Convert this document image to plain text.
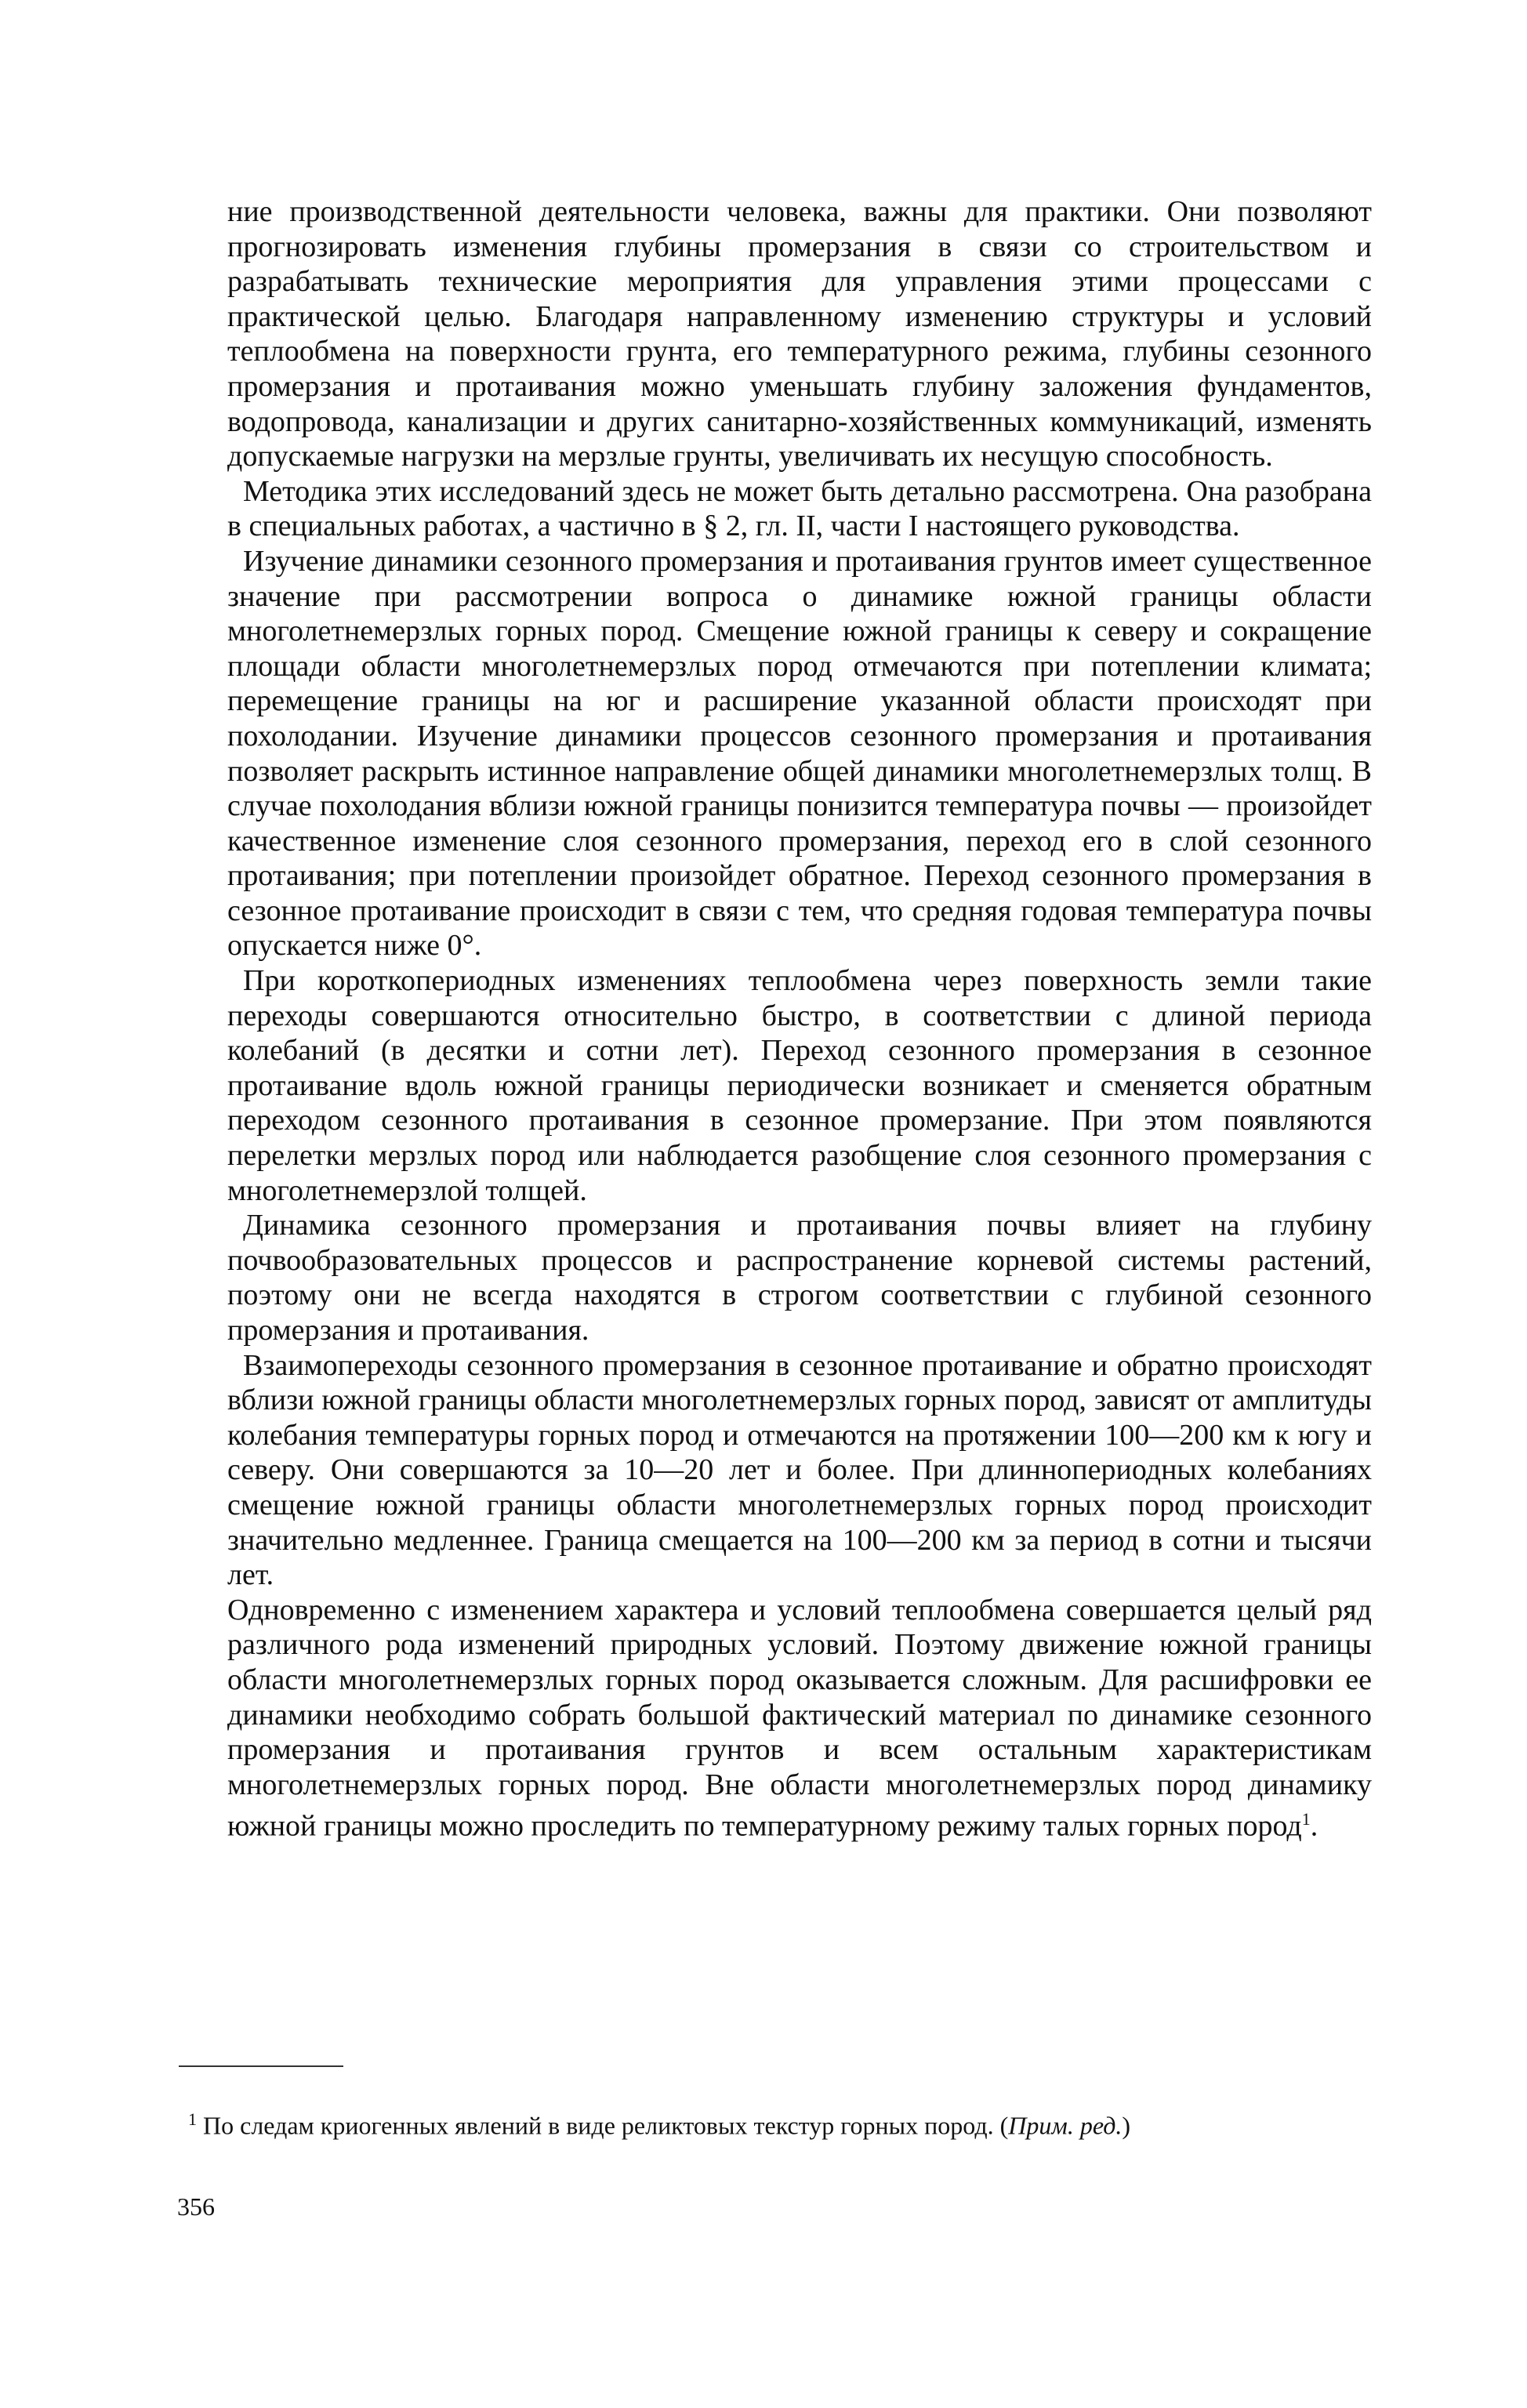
ние производственной деятельности человека, важны для практики. Они позволяют прогнозировать изменения глубины промерзания в связи со строительством и разрабатывать технические мероприятия для управления этими процессами с практической целью. Благодаря направленному изменению структуры и условий теплообмена на поверхности грунта, его температурного режима, глубины сезонного промерзания и протаивания можно уменьшать глубину заложения фундаментов, водопровода, канализации и других санитарно-хозяйственных коммуникаций, изменять допускаемые нагрузки на мерзлые грунты, увеличивать их несущую способность.

Методика этих исследований здесь не может быть детально рассмотрена. Она разобрана в специальных работах, а частично в § 2, гл. II, части I настоящего руководства.

Изучение динамики сезонного промерзания и протаивания грунтов имеет существенное значение при рассмотрении вопроса о динамике южной границы области многолетнемерзлых горных пород. Смещение южной границы к северу и сокращение площади области многолетнемерзлых пород отмечаются при потеплении климата; перемещение границы на юг и расширение указанной области происходят при похолодании. Изучение динамики процессов сезонного промерзания и протаивания позволяет раскрыть истинное направление общей динамики многолетнемерзлых толщ. В случае похолодания вблизи южной границы понизится температура почвы — произойдет качественное изменение слоя сезонного промерзания, переход его в слой сезонного протаивания; при потеплении произойдет обратное. Переход сезонного промерзания в сезонное протаивание происходит в связи с тем, что средняя годовая температура почвы опускается ниже 0°.

При короткопериодных изменениях теплообмена через поверхность земли такие переходы совершаются относительно быстро, в соответствии с длиной периода колебаний (в десятки и сотни лет). Переход сезонного промерзания в сезонное протаивание вдоль южной границы периодически возникает и сменяется обратным переходом сезонного протаивания в сезонное промерзание. При этом появляются перелетки мерзлых пород или наблюдается разобщение слоя сезонного промерзания с многолетнемерзлой толщей.

Динамика сезонного промерзания и протаивания почвы влияет на глубину почвообразовательных процессов и распространение корневой системы растений, поэтому они не всегда находятся в строгом соответствии с глубиной сезонного промерзания и протаивания.

Взаимопереходы сезонного промерзания в сезонное протаивание и обратно происходят вблизи южной границы области многолетнемерзлых горных пород, зависят от амплитуды колебания температуры горных пород и отмечаются на протяжении 100—200 км к югу и северу. Они совершаются за 10—20 лет и более. При длиннопериодных колебаниях смещение южной границы области многолетнемерзлых горных пород происходит значительно медленнее. Граница смещается на 100—200 км за период в сотни и тысячи лет.

Одновременно с изменением характера и условий теплообмена совершается целый ряд различного рода изменений природных условий. Поэтому движение южной границы области многолетнемерзлых горных пород оказывается сложным. Для расшифровки ее динамики необходимо собрать большой фактический материал по динамике сезонного промерзания и протаивания грунтов и всем остальным характеристикам многолетнемерзлых горных пород. Вне области многолетнемерзлых пород динамику южной границы можно проследить по температурному режиму талых горных пород$^1$.

$^1$ По следам криогенных явлений в виде реликтовых текстур горных пород. (Прим. ред.)
356
